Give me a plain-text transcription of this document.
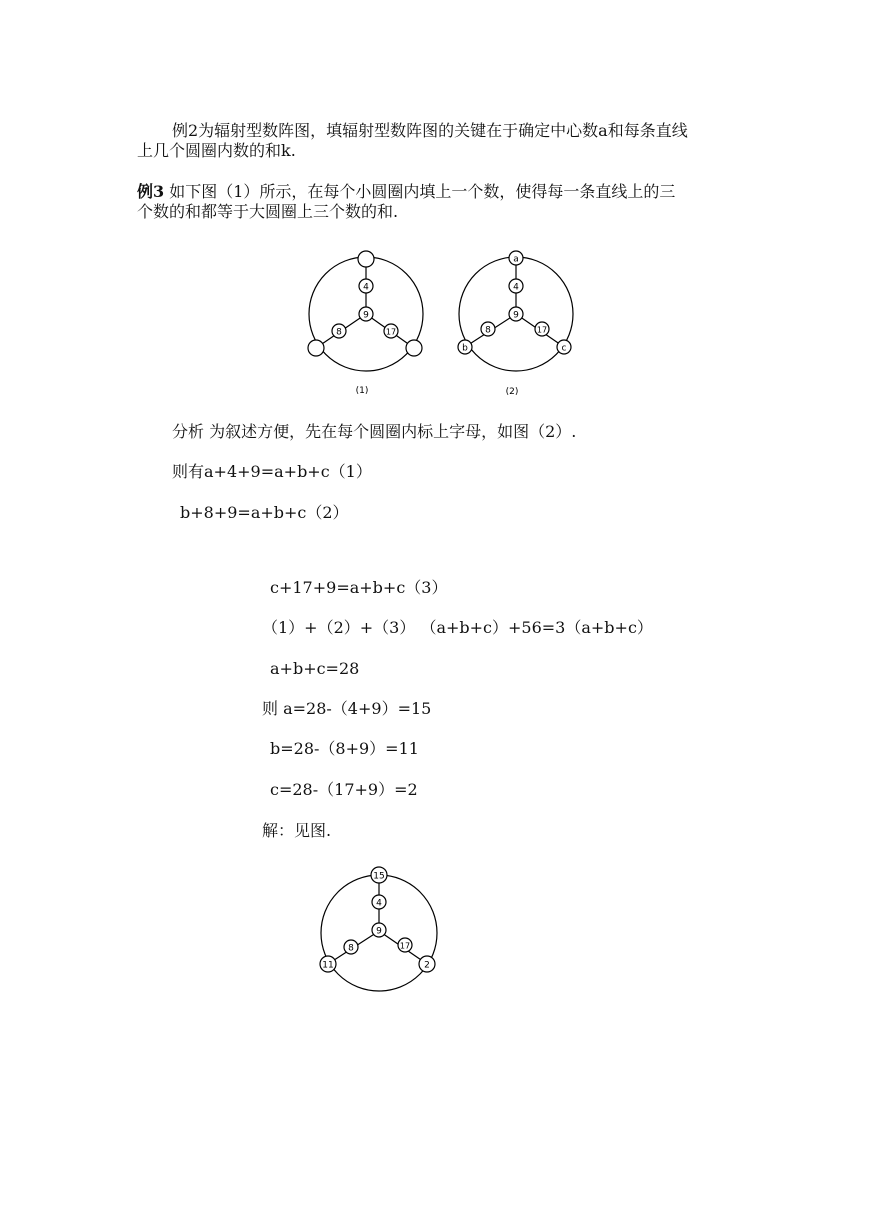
例2为辐射型数阵图，填辐射型数阵图的关键在于确定中心数a和每条直线
上几个圆圈内数的和k.
例3 如下图（1）所示，在每个小圆圈内填上一个数，使得每一条直线上的三
个数的和都等于大圆圈上三个数的和.
4
9
8	17
(1)
a
4
9
8	17
b	c
(2)
分析 为叙述方便，先在每个圆圈内标上字母，如图（2）.
则有a+4+9=a+b+c（1）
b+8+9=a+b+c（2）
c+17+9=a+b+c（3）
（1）+（2）+（3） （a+b+c）+56=3（a+b+c）
a+b+c=28
则 a=28-（4+9）=15
b=28-（8+9）=11
c=28-（17+9）=2
解：见图.
15
4
9
8	17
11	2
